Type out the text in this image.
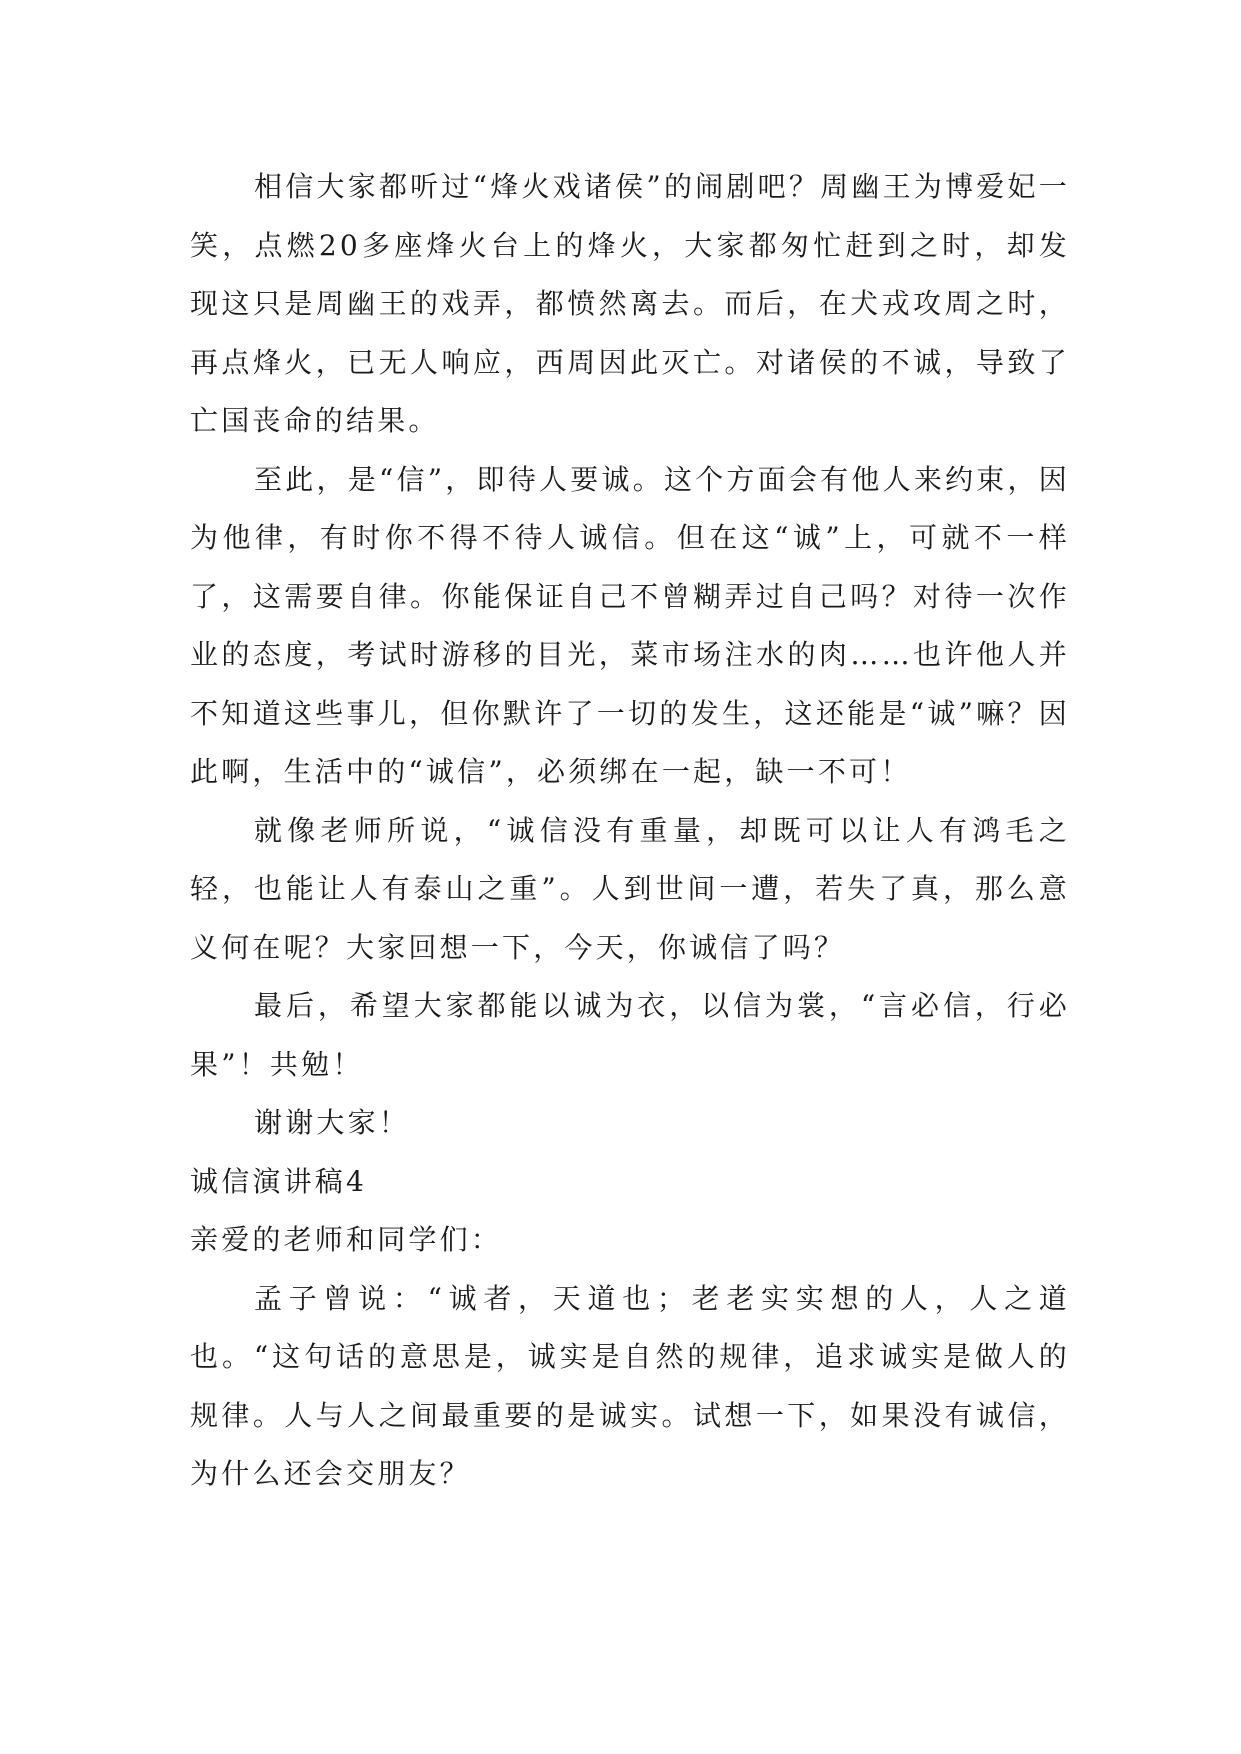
相信大家都听过“烽火戏诸侯”的闹剧吧？周幽王为博爱妃一笑，点燃20多座烽火台上的烽火，大家都匆忙赶到之时，却发现这只是周幽王的戏弄，都愤然离去。而后，在犬戎攻周之时，再点烽火，已无人响应，西周因此灭亡。对诸侯的不诚，导致了亡国丧命的结果。

至此，是“信”，即待人要诚。这个方面会有他人来约束，因为他律，有时你不得不待人诚信。但在这“诚”上，可就不一样了，这需要自律。你能保证自己不曾糊弄过自己吗？对待一次作业的态度，考试时游移的目光，菜市场注水的肉……也许他人并不知道这些事儿，但你默许了一切的发生，这还能是“诚”嘛？因此啊，生活中的“诚信”，必须绑在一起，缺一不可！

就像老师所说，“诚信没有重量，却既可以让人有鸿毛之轻，也能让人有泰山之重”。人到世间一遭，若失了真，那么意义何在呢？大家回想一下，今天，你诚信了吗？

最后，希望大家都能以诚为衣，以信为裳，“言必信，行必果”！共勉！

谢谢大家！

诚信演讲稿4

亲爱的老师和同学们：

孟子曾说：“诚者，天道也；老老实实想的人，人之道也。“这句话的意思是，诚实是自然的规律，追求诚实是做人的规律。人与人之间最重要的是诚实。试想一下，如果没有诚信，为什么还会交朋友？
